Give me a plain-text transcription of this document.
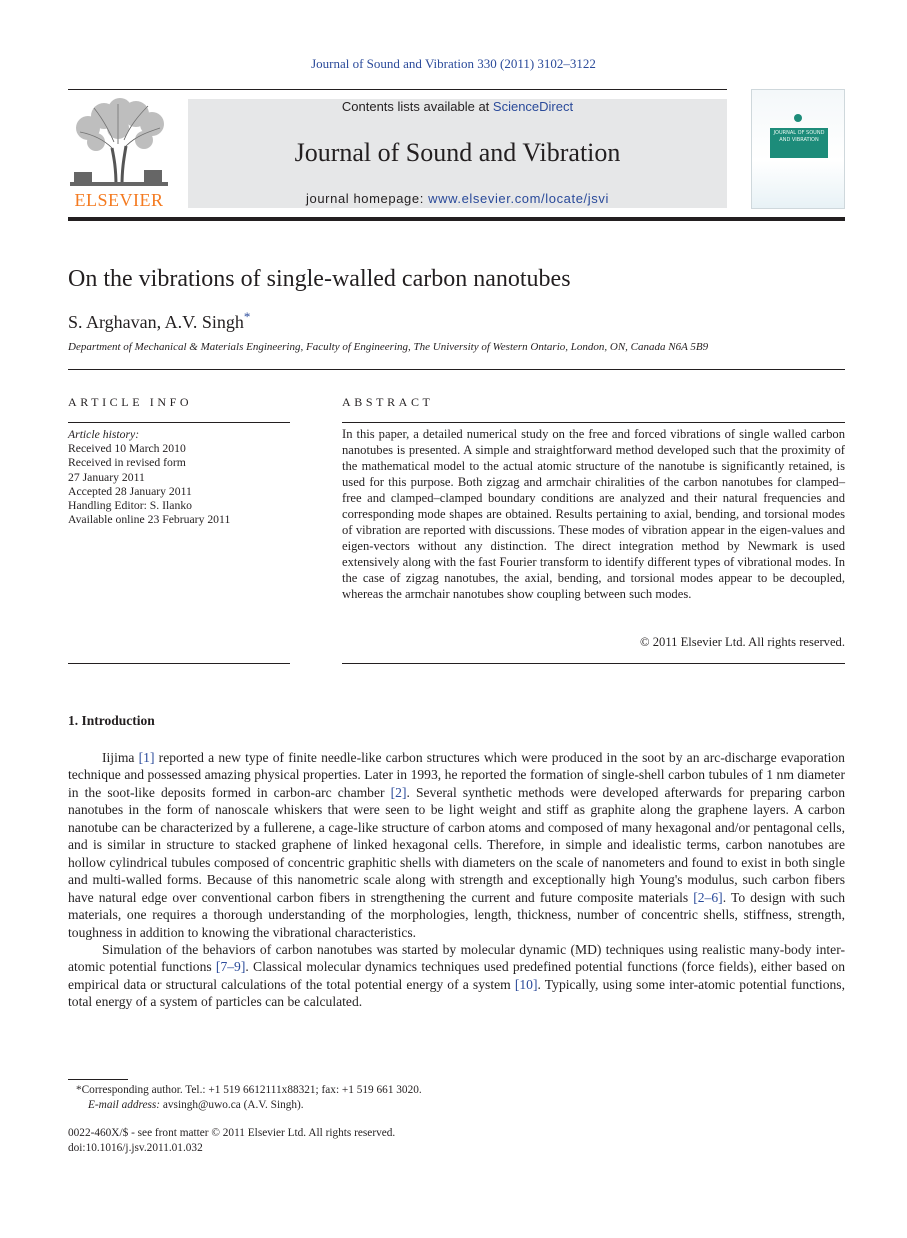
Journal of Sound and Vibration 330 (2011) 3102–3122
ELSEVIER
Contents lists available at ScienceDirect
Journal of Sound and Vibration
journal homepage: www.elsevier.com/locate/jsvi
JOURNAL OF SOUND AND VIBRATION
On the vibrations of single-walled carbon nanotubes
S. Arghavan, A.V. Singh*
Department of Mechanical & Materials Engineering, Faculty of Engineering, The University of Western Ontario, London, ON, Canada N6A 5B9
ARTICLE INFO
Article history:
Received 10 March 2010
Received in revised form
27 January 2011
Accepted 28 January 2011
Handling Editor: S. Ilanko
Available online 23 February 2011
ABSTRACT
In this paper, a detailed numerical study on the free and forced vibrations of single walled carbon nanotubes is presented. A simple and straightforward method developed such that the proximity of the mathematical model to the actual atomic structure of the nanotube is significantly retained, is used for this purpose. Both zigzag and armchair chiralities of the carbon nanotubes for clamped–free and clamped–clamped boundary conditions are analyzed and their natural frequencies and corresponding mode shapes are obtained. Results pertaining to axial, bending, and torsional modes of vibration are reported with discussions. These modes of vibration appear in the eigen-values and eigen-vectors without any distinction. The direct integration method by Newmark is used extensively along with the fast Fourier transform to identify different types of vibrational modes. In the case of zigzag nanotubes, the axial, bending, and torsional modes appear to be decoupled, whereas the armchair nanotubes show coupling between such modes.
© 2011 Elsevier Ltd. All rights reserved.
1. Introduction

Iijima [1] reported a new type of finite needle-like carbon structures which were produced in the soot by an arc-discharge evaporation technique and possessed amazing physical properties. Later in 1993, he reported the formation of single-shell carbon tubules of 1 nm diameter in the soot-like deposits formed in carbon-arc chamber [2]. Several synthetic methods were developed afterwards for preparing carbon nanotubes in the form of nanoscale whiskers that were seen to be light weight and stiff as graphite along the graphene layers. A carbon nanotube can be characterized by a fullerene, a cage-like structure of carbon atoms and composed of many hexagonal and/or pentagonal cells, and is similar in structure to stacked graphene of linked hexagonal cells. Therefore, in simple and idealistic terms, carbon nanotubes are hollow cylindrical tubules composed of concentric graphitic shells with diameters on the scale of nanometers and found to exist in both single and multi-walled forms. Because of this nanometric scale along with strength and exceptionally high Young's modulus, such carbon fibers have natural edge over conventional carbon fibers in strengthening the current and future composite materials [2–6]. To design with such materials, one requires a thorough understanding of the morphologies, length, thickness, number of concentric shells, stiffness, strength, toughness in addition to knowing the vibrational characteristics.

Simulation of the behaviors of carbon nanotubes was started by molecular dynamic (MD) techniques using realistic many-body inter-atomic potential functions [7–9]. Classical molecular dynamics techniques used predefined potential functions (force fields), either based on empirical data or structural calculations of the total potential energy of a system [10]. Typically, using some inter-atomic potential functions, total energy of a system of particles can be calculated.

*Corresponding author. Tel.: +1 519 6612111x88321; fax: +1 519 661 3020.
E-mail address: avsingh@uwo.ca (A.V. Singh).
0022-460X/$ - see front matter © 2011 Elsevier Ltd. All rights reserved.
doi:10.1016/j.jsv.2011.01.032
